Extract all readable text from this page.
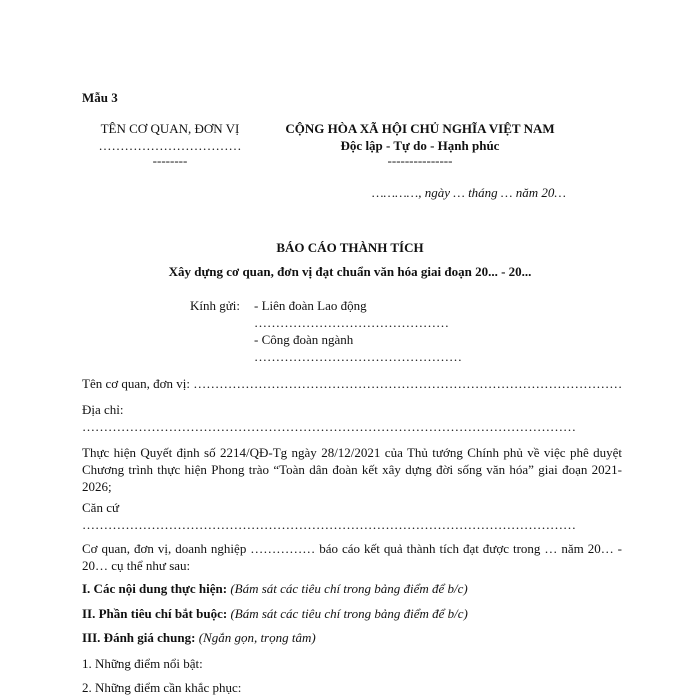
Mẫu 3
TÊN CƠ QUAN, ĐƠN VỊ
……………………………
--------
CỘNG HÒA XÃ HỘI CHỦ NGHĨA VIỆT NAM
Độc lập - Tự do - Hạnh phúc
---------------
…………, ngày … tháng … năm 20…
BÁO CÁO THÀNH TÍCH
Xây dựng cơ quan, đơn vị đạt chuẩn văn hóa giai đoạn 20... - 20...
Kính gửi: - Liên đoàn Lao động
………………………………………
- Công đoàn ngành
…………………………………………
Tên cơ quan, đơn vị: ………………………………………………………………………………………
Địa chỉ:
……………………………………………………………………………………………………
Thực hiện Quyết định số 2214/QĐ-Tg ngày 28/12/2021 của Thủ tướng Chính phủ về việc phê duyệt Chương trình thực hiện Phong trào “Toàn dân đoàn kết xây dựng đời sống văn hóa” giai đoạn 2021-2026;
Căn cứ
……………………………………………………………………………………………………
Cơ quan, đơn vị, doanh nghiệp …………… báo cáo kết quả thành tích đạt được trong … năm 20… - 20… cụ thể như sau:
I. Các nội dung thực hiện: (Bám sát các tiêu chí trong bảng điểm để b/c)
II. Phần tiêu chí bắt buộc: (Bám sát các tiêu chí trong bảng điểm để b/c)
III. Đánh giá chung: (Ngắn gọn, trọng tâm)
1. Những điểm nổi bật:
2. Những điểm cần khắc phục:
